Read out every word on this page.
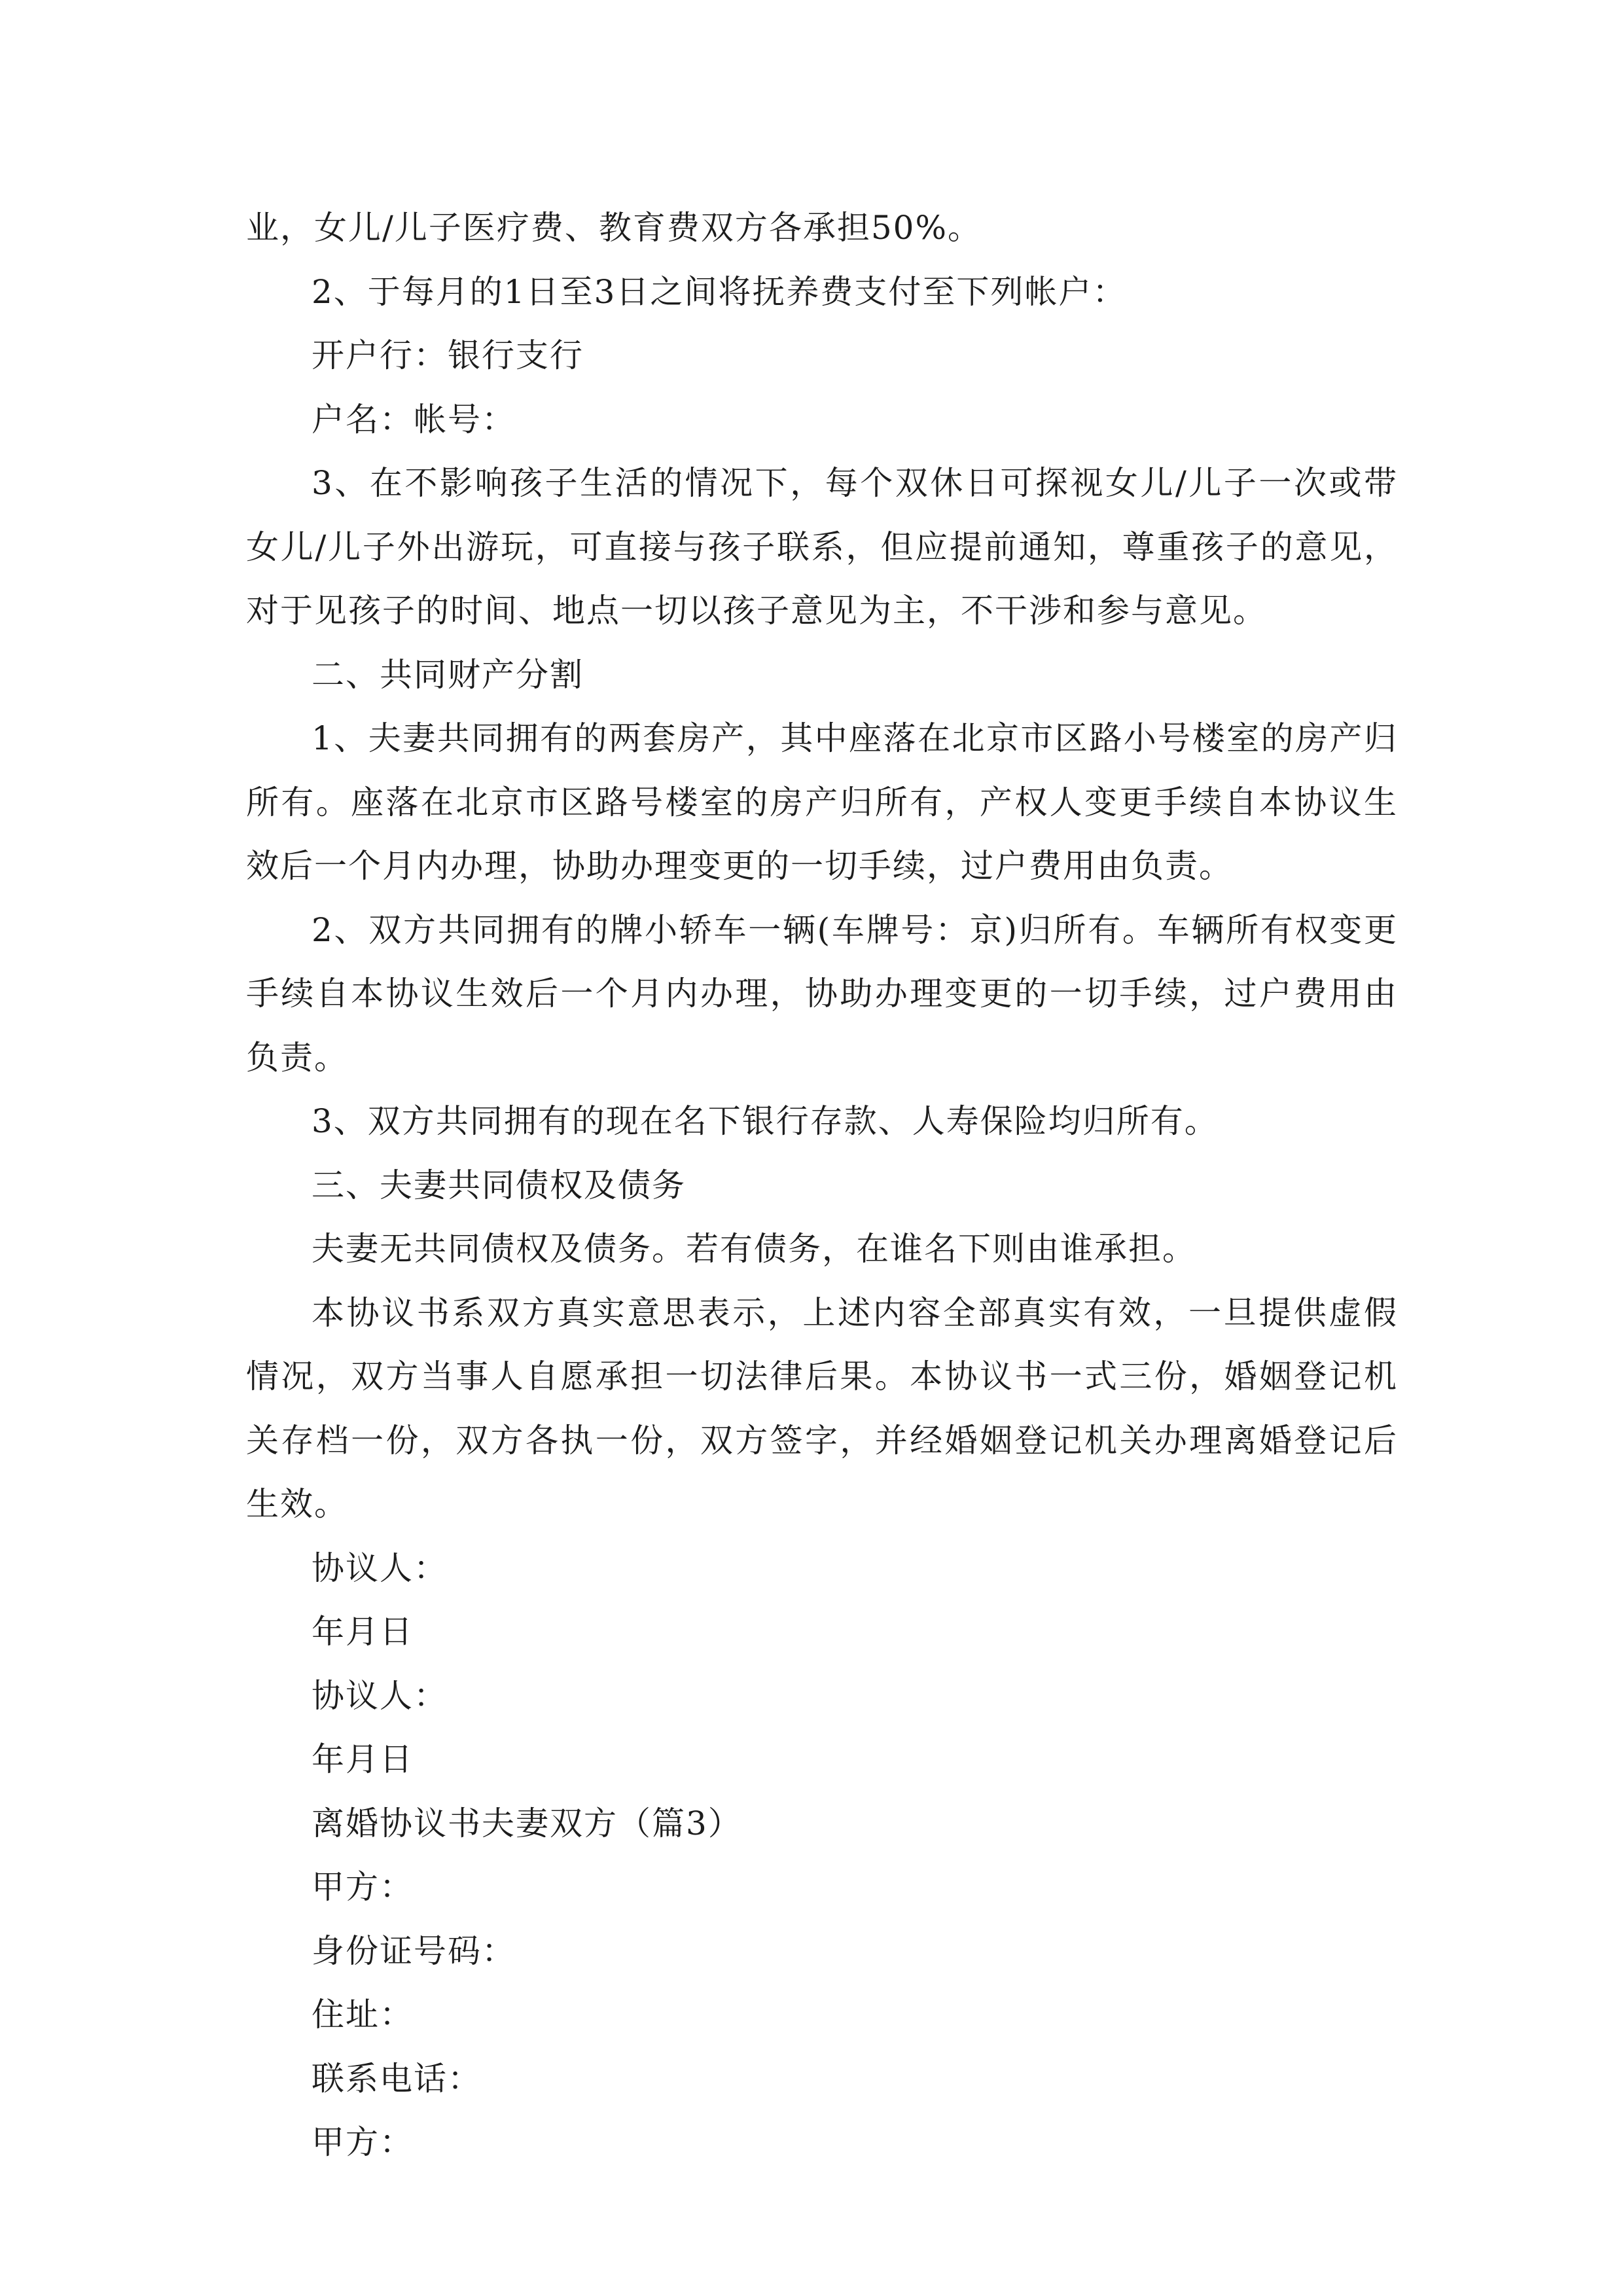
业，女儿/儿子医疗费、教育费双方各承担50%。

2、于每月的1日至3日之间将抚养费支付至下列帐户：

开户行：银行支行

户名：帐号：

3、在不影响孩子生活的情况下，每个双休日可探视女儿/儿子一次或带女儿/儿子外出游玩，可直接与孩子联系，但应提前通知，尊重孩子的意见，对于见孩子的时间、地点一切以孩子意见为主，不干涉和参与意见。

二、共同财产分割

1、夫妻共同拥有的两套房产，其中座落在北京市区路小号楼室的房产归所有。座落在北京市区路号楼室的房产归所有，产权人变更手续自本协议生效后一个月内办理，协助办理变更的一切手续，过户费用由负责。

2、双方共同拥有的牌小轿车一辆(车牌号：京)归所有。车辆所有权变更手续自本协议生效后一个月内办理，协助办理变更的一切手续，过户费用由负责。

3、双方共同拥有的现在名下银行存款、人寿保险均归所有。

三、夫妻共同债权及债务

夫妻无共同债权及债务。若有债务，在谁名下则由谁承担。

本协议书系双方真实意思表示，上述内容全部真实有效，一旦提供虚假情况，双方当事人自愿承担一切法律后果。本协议书一式三份，婚姻登记机关存档一份，双方各执一份，双方签字，并经婚姻登记机关办理离婚登记后生效。

协议人：

年月日

协议人：

年月日

离婚协议书夫妻双方（篇3）

甲方：

身份证号码：

住址：

联系电话：

甲方：
